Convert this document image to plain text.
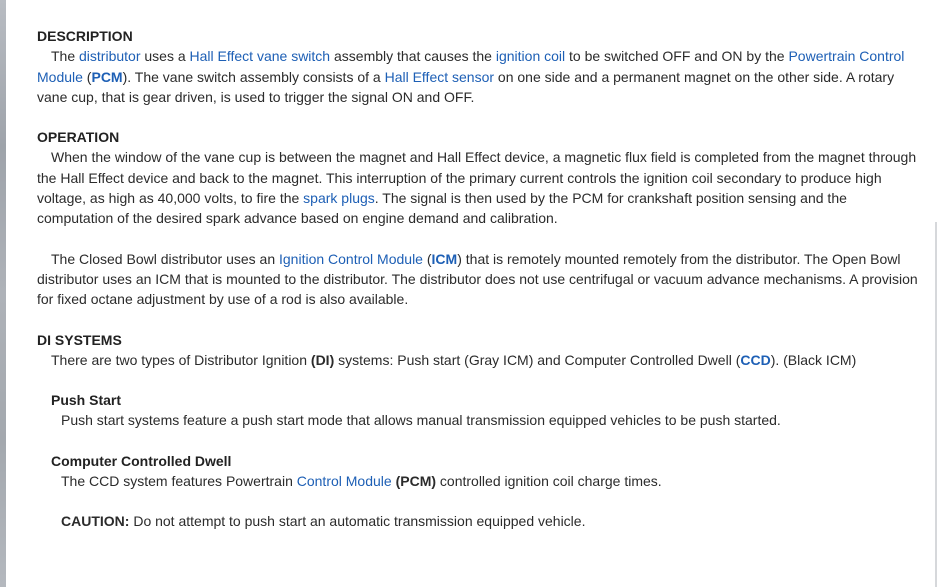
DESCRIPTION

The distributor uses a Hall Effect vane switch assembly that causes the ignition coil to be switched OFF and ON by the Powertrain Control Module (PCM). The vane switch assembly consists of a Hall Effect sensor on one side and a permanent magnet on the other side. A rotary vane cup, that is gear driven, is used to trigger the signal ON and OFF.

OPERATION

When the window of the vane cup is between the magnet and Hall Effect device, a magnetic flux field is completed from the magnet through the Hall Effect device and back to the magnet. This interruption of the primary current controls the ignition coil secondary to produce high voltage, as high as 40,000 volts, to fire the spark plugs. The signal is then used by the PCM for crankshaft position sensing and the computation of the desired spark advance based on engine demand and calibration.

The Closed Bowl distributor uses an Ignition Control Module (ICM) that is remotely mounted remotely from the distributor. The Open Bowl distributor uses an ICM that is mounted to the distributor. The distributor does not use centrifugal or vacuum advance mechanisms. A provision for fixed octane adjustment by use of a rod is also available.

DI SYSTEMS

There are two types of Distributor Ignition (DI) systems: Push start (Gray ICM) and Computer Controlled Dwell (CCD). (Black ICM)

Push Start

Push start systems feature a push start mode that allows manual transmission equipped vehicles to be push started.

Computer Controlled Dwell

The CCD system features Powertrain Control Module (PCM) controlled ignition coil charge times.

CAUTION: Do not attempt to push start an automatic transmission equipped vehicle.
